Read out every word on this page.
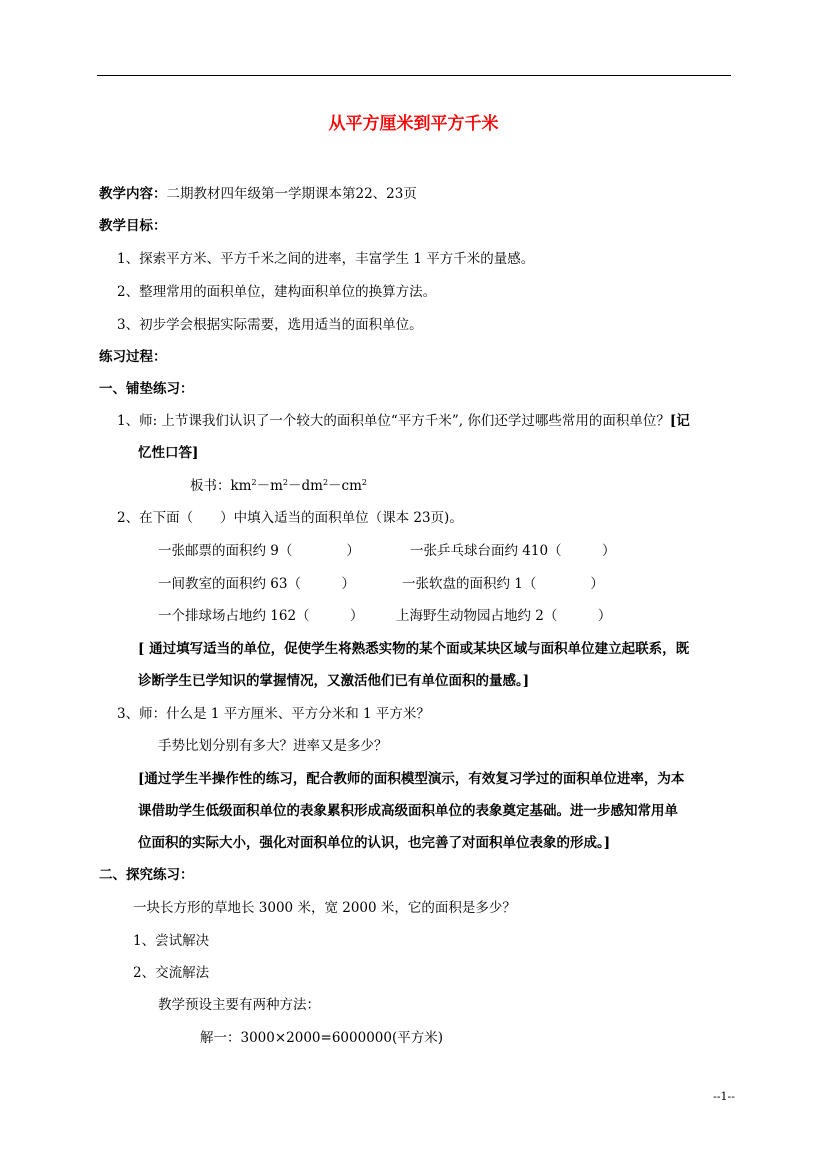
从平方厘米到平方千米
教学内容：二期教材四年级第一学期课本第22、23页
教学目标：
1、探索平方米、平方千米之间的进率，丰富学生 1 平方千米的量感。
2、整理常用的面积单位，建构面积单位的换算方法。
3、初步学会根据实际需要，选用适当的面积单位。
练习过程：
一、铺垫练习：
1、师: 上节课我们认识了一个较大的面积单位“平方千米”, 你们还学过哪些常用的面积单位？[记
忆性口答]
板书：$km^2-m^2-dm^2-cm^2$
2、在下面（　　）中填入适当的面积单位（课本 23页)。
一张邮票的面积约 9（　　　　）	一张乒乓球台面约 410（　　　）
一间教室的面积约 63（　　　）	一张软盘的面积约 1（　　　　）
一个排球场占地约 162（　　　） 上海野生动物园占地约 2（　　　）
[ 通过填写适当的单位，促使学生将熟悉实物的某个面或某块区域与面积单位建立起联系，既
诊断学生已学知识的掌握情况，又激活他们已有单位面积的量感。]
3、师：什么是 1 平方厘米、平方分米和 1 平方米？
手势比划分别有多大？进率又是多少？
[通过学生半操作性的练习，配合教师的面积模型演示，有效复习学过的面积单位进率，为本
课借助学生低级面积单位的表象累积形成高级面积单位的表象奠定基础。进一步感知常用单
位面积的实际大小，强化对面积单位的认识，也完善了对面积单位表象的形成。]
二、探究练习：
一块长方形的草地长 3000 米，宽 2000 米，它的面积是多少？
1、尝试解决
2、交流解法
教学预设主要有两种方法：
解一：3000×2000=6000000(平方米)
--1--
